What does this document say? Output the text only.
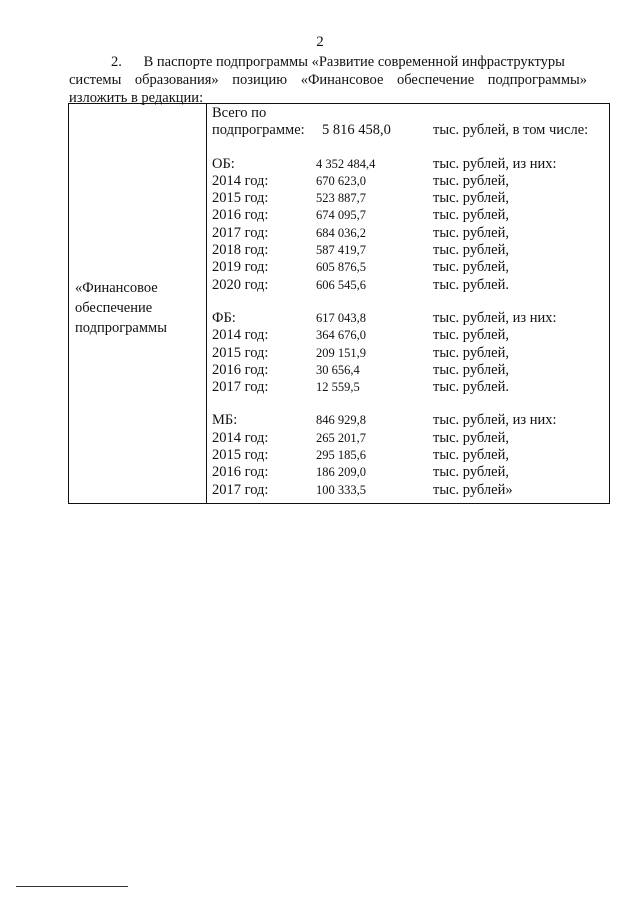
2
2. В паспорте подпрограммы «Развитие современной инфраструктуры
системы образования» позицию «Финансовое обеспечение подпрограммы»
изложить в редакции:
«Финансовое
обеспечение
подпрограммы
Всего по
подпрограмме: 5 816 458,0	тыс. рублей, в том числе:
ОБ:	4 352 484,4	тыс. рублей, из них:
2014 год:	670 623,0	тыс. рублей,
2015 год:	523 887,7	тыс. рублей,
2016 год:	674 095,7	тыс. рублей,
2017 год:	684 036,2	тыс. рублей,
2018 год:	587 419,7	тыс. рублей,
2019 год:	605 876,5	тыс. рублей,
2020 год:	606 545,6	тыс. рублей.
ФБ:	617 043,8	тыс. рублей, из них:
2014 год:	364 676,0	тыс. рублей,
2015 год:	209 151,9	тыс. рублей,
2016 год:	30 656,4	тыс. рублей,
2017 год:	12 559,5	тыс. рублей.
МБ:	846 929,8	тыс. рублей, из них:
2014 год:	265 201,7	тыс. рублей,
2015 год:	295 185,6	тыс. рублей,
2016 год:	186 209,0	тыс. рублей,
2017 год:	100 333,5	тыс. рублей»
